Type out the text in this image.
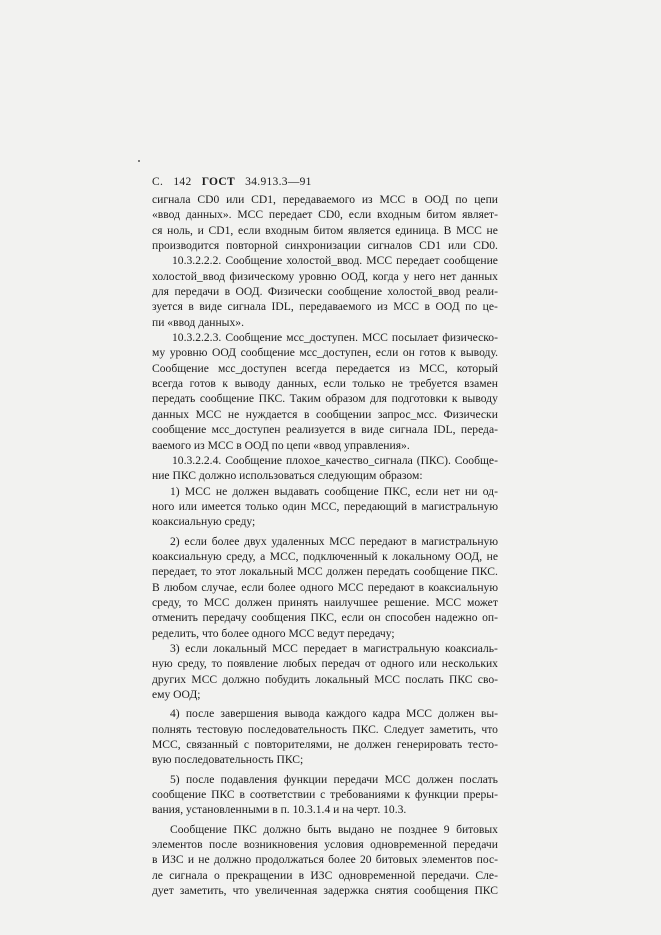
С. 142 ГОСТ 34.913.3—91
сигнала CD0 или CD1, передаваемого из МСС в ООД по цепи
«ввод данных». МСС передает CD0, если входным битом являет-
ся ноль, и CD1, если входным битом является единица. В МСС не
производится повторной синхронизации сигналов CD1 или CD0.
10.3.2.2.2. Сообщение холостой_ввод. МСС передает сообщение
холостой_ввод физическому уровню ООД, когда у него нет данных
для передачи в ООД. Физически сообщение холостой_ввод реали-
зуется в виде сигнала IDL, передаваемого из МСС в ООД по це-
пи «ввод данных».
10.3.2.2.3. Сообщение мсс_доступен. МСС посылает физическо-
му уровню ООД сообщение мсс_доступен, если он готов к выводу.
Сообщение мсс_доступен всегда передается из МСС, который
всегда готов к выводу данных, если только не требуется взамен
передать сообщение ПКС. Таким образом для подготовки к выводу
данных МСС не нуждается в сообщении запрос_мсс. Физически
сообщение мсс_доступен реализуется в виде сигнала IDL, переда-
ваемого из МСС в ООД по цепи «ввод управления».
10.3.2.2.4. Сообщение плохое_качество_сигнала (ПКС). Сообще-
ние ПКС должно использоваться следующим образом:
1) МСС не должен выдавать сообщение ПКС, если нет ни од-
ного или имеется только один МСС, передающий в магистральную
коаксиальную среду;
2) если более двух удаленных МСС передают в магистральную
коаксиальную среду, а МСС, подключенный к локальному ООД, не
передает, то этот локальный МСС должен передать сообщение ПКС.
В любом случае, если более одного МСС передают в коаксиальную
среду, то МСС должен принять наилучшее решение. МСС может
отменить передачу сообщения ПКС, если он способен надежно оп-
ределить, что более одного МСС ведут передачу;
3) если локальный МСС передает в магистральную коаксиаль-
ную среду, то появление любых передач от одного или нескольких
других МСС должно побудить локальный МСС послать ПКС сво-
ему ООД;
4) после завершения вывода каждого кадра МСС должен вы-
полнять тестовую последовательность ПКС. Следует заметить, что
МСС, связанный с повторителями, не должен генерировать тесто-
вую последовательность ПКС;
5) после подавления функции передачи МСС должен послать
сообщение ПКС в соответствии с требованиями к функции преры-
вания, установленными в п. 10.3.1.4 и на черт. 10.3.
Сообщение ПКС должно быть выдано не позднее 9 битовых
элементов после возникновения условия одновременной передачи
в ИЗС и не должно продолжаться более 20 битовых элементов пос-
ле сигнала о прекращении в ИЗС одновременной передачи. Сле-
дует заметить, что увеличенная задержка снятия сообщения ПКС
